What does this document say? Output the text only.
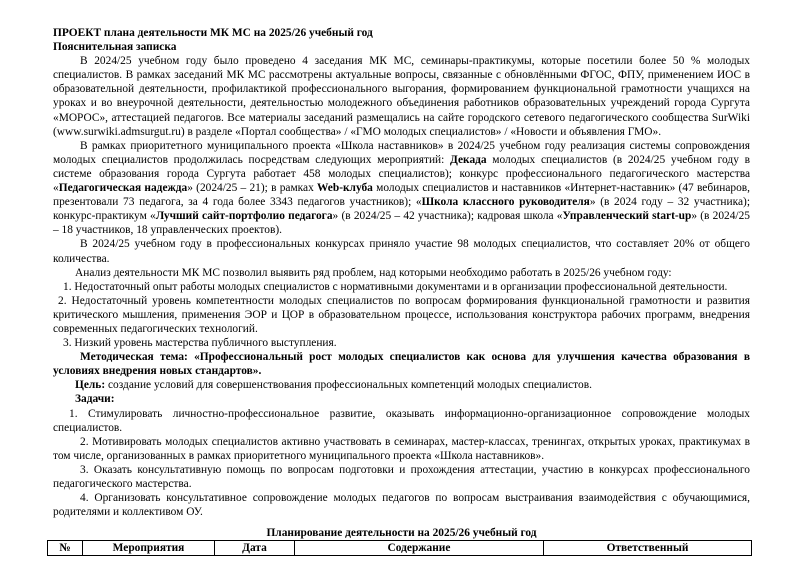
ПРОЕКТ плана деятельности МК МС на 2025/26 учебный год

Пояснительная записка

В 2024/25 учебном году было проведено 4 заседания МК МС, семинары-практикумы, которые посетили более 50 % молодых специалистов. В рамках заседаний МК МС рассмотрены актуальные вопросы, связанные с обновлёнными ФГОС, ФПУ, применением ИОС в образовательной деятельности, профилактикой профессионального выгорания, формированием функциональной грамотности учащихся на уроках и во внеурочной деятельности, деятельностью молодежного объединения работников образовательных учреждений города Сургута «МОРОС», аттестацией педагогов. Все материалы заседаний размещались на сайте городского сетевого педагогического сообщества SurWiki (www.surwiki.admsurgut.ru) в разделе «Портал сообщества» / «ГМО молодых специалистов» / «Новости и объявления ГМО».

В рамках приоритетного муниципального проекта «Школа наставников» в 2024/25 учебном году реализация системы сопровождения молодых специалистов продолжилась посредствам следующих мероприятий: Декада молодых специалистов (в 2024/25 учебном году в системе образования города Сургута работает 458 молодых специалистов); конкурс профессионального педагогического мастерства «Педагогическая надежда» (2024/25 – 21); в рамках Web-клуба молодых специалистов и наставников «Интернет-наставник» (47 вебинаров, презентовали 73 педагога, за 4 года более 3343 педагогов участников); «Школа классного руководителя» (в 2024 году – 32 участника); конкурс-практикум «Лучший сайт-портфолио педагога» (в 2024/25 – 42 участника); кадровая школа «Управленческий start-up» (в 2024/25 – 18 участников, 18 управленческих проектов).

В 2024/25 учебном году в профессиональных конкурсах приняло участие 98 молодых специалистов, что составляет 20% от общего количества.

Анализ деятельности МК МС позволил выявить ряд проблем, над которыми необходимо работать в 2025/26 учебном году:

1. Недостаточный опыт работы молодых специалистов с нормативными документами и в организации профессиональной деятельности.

2. Недостаточный уровень компетентности молодых специалистов по вопросам формирования функциональной грамотности и развития критического мышления, применения ЭОР и ЦОР в образовательном процессе, использования конструктора рабочих программ, внедрения современных педагогических технологий.

3. Низкий уровень мастерства публичного выступления.

Методическая тема: «Профессиональный рост молодых специалистов как основа для улучшения качества образования в условиях внедрения новых стандартов».

Цель: создание условий для совершенствования профессиональных компетенций молодых специалистов.

Задачи:

1. Стимулировать личностно-профессиональное развитие, оказывать информационно-организационное сопровождение молодых специалистов.

2. Мотивировать молодых специалистов активно участвовать в семинарах, мастер-классах, тренингах, открытых уроках, практикумах в том числе, организованных в рамках приоритетного муниципального проекта «Школа наставников».

3. Оказать консультативную помощь по вопросам подготовки и прохождения аттестации, участию в конкурсах профессионального педагогического мастерства.

4. Организовать консультативное сопровождение молодых педагогов по вопросам выстраивания взаимодействия с обучающимися, родителями и коллективом ОУ.

Планирование деятельности на 2025/26 учебный год

№	Мероприятия	Дата	Содержание	Ответственный
